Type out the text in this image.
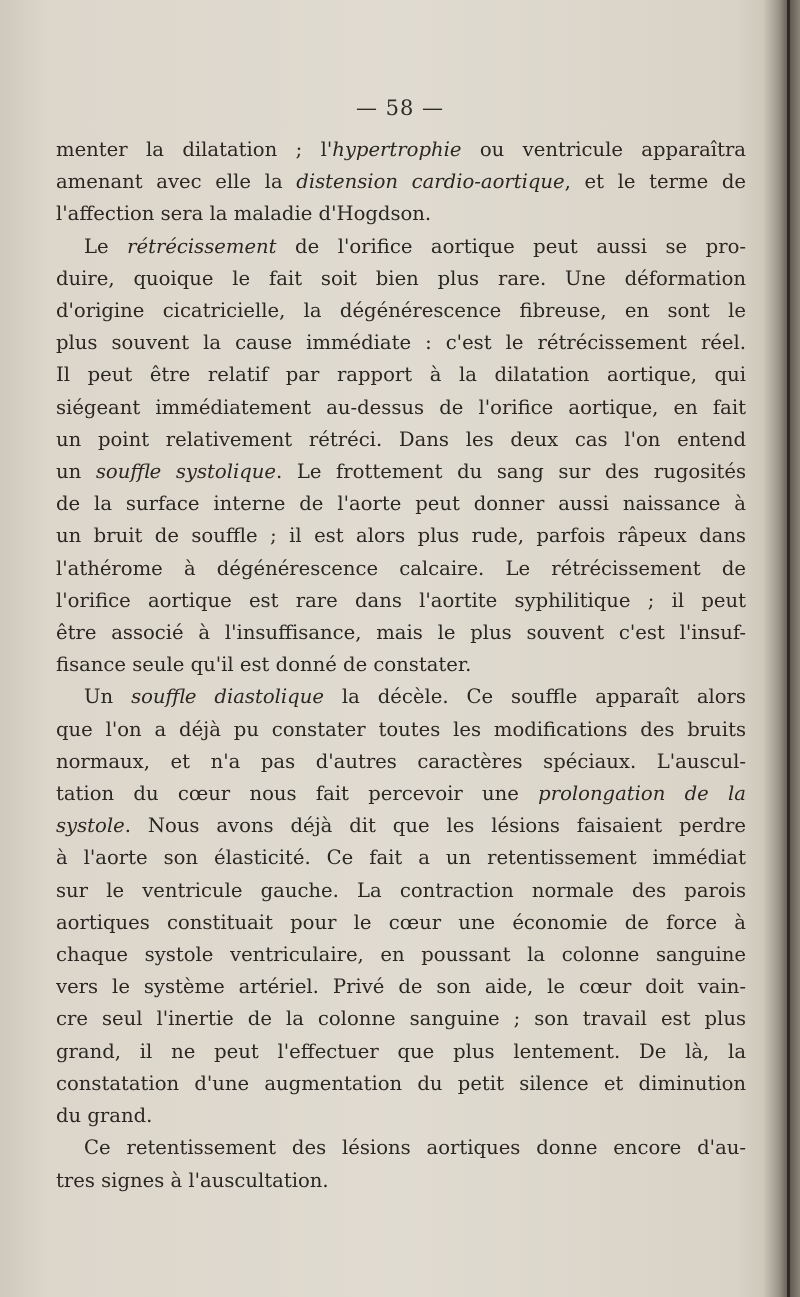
— 58 —
menter la dilatation ; l'hypertrophie ou ventricule apparaîtra
amenant avec elle la distension cardio-aortique, et le terme de
l'affection sera la maladie d'Hogdson.
Le rétrécissement de l'orifice aortique peut aussi se pro-
duire, quoique le fait soit bien plus rare. Une déformation
d'origine cicatricielle, la dégénérescence fibreuse, en sont le
plus souvent la cause immédiate : c'est le rétrécissement réel.
Il peut être relatif par rapport à la dilatation aortique, qui
siégeant immédiatement au-dessus de l'orifice aortique, en fait
un point relativement rétréci. Dans les deux cas l'on entend
un souffle systolique. Le frottement du sang sur des rugosités
de la surface interne de l'aorte peut donner aussi naissance à
un bruit de souffle ; il est alors plus rude, parfois râpeux dans
l'athérome à dégénérescence calcaire. Le rétrécissement de
l'orifice aortique est rare dans l'aortite syphilitique ; il peut
être associé à l'insuffisance, mais le plus souvent c'est l'insuf-
fisance seule qu'il est donné de constater.
Un souffle diastolique la décèle. Ce souffle apparaît alors
que l'on a déjà pu constater toutes les modifications des bruits
normaux, et n'a pas d'autres caractères spéciaux. L'auscul-
tation du cœur nous fait percevoir une prolongation de la
systole. Nous avons déjà dit que les lésions faisaient perdre
à l'aorte son élasticité. Ce fait a un retentissement immédiat
sur le ventricule gauche. La contraction normale des parois
aortiques constituait pour le cœur une économie de force à
chaque systole ventriculaire, en poussant la colonne sanguine
vers le système artériel. Privé de son aide, le cœur doit vain-
cre seul l'inertie de la colonne sanguine ; son travail est plus
grand, il ne peut l'effectuer que plus lentement. De là, la
constatation d'une augmentation du petit silence et diminution
du grand.
Ce retentissement des lésions aortiques donne encore d'au-
tres signes à l'auscultation.
